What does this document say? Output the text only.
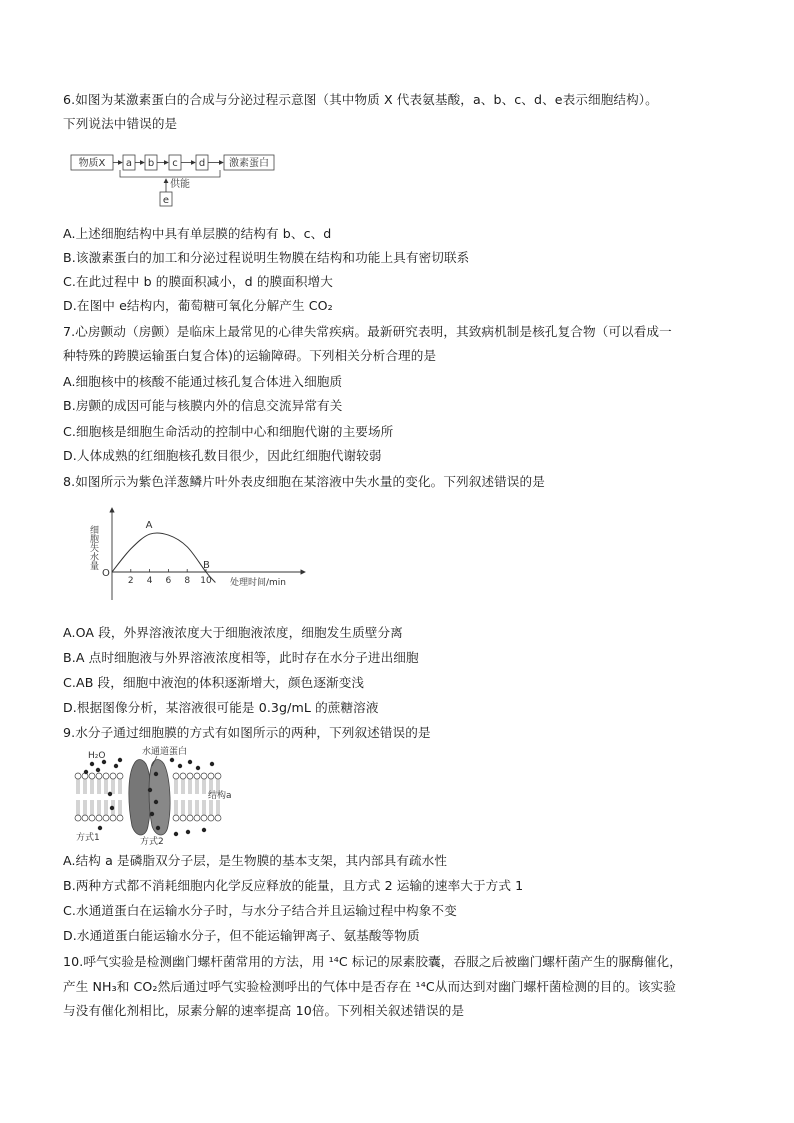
6.如图为某激素蛋白的合成与分泌过程示意图（其中物质 X 代表氨基酸，a、b、c、d、e表示细胞结构）。
下列说法中错误的是
物质X a b c d 激素蛋白
供能
e
A.上述细胞结构中具有单层膜的结构有 b、c、d
B.该激素蛋白的加工和分泌过程说明生物膜在结构和功能上具有密切联系
C.在此过程中 b 的膜面积减小，d 的膜面积增大
D.在图中 e结构内，葡萄糖可氧化分解产生 CO₂
7.心房颤动（房颤）是临床上最常见的心律失常疾病。最新研究表明，其致病机制是核孔复合物（可以看成一
种特殊的跨膜运输蛋白复合体)的运输障碍。下列相关分析合理的是
A.细胞核中的核酸不能通过核孔复合体进入细胞质
B.房颤的成因可能与核膜内外的信息交流异常有关
C.细胞核是细胞生命活动的控制中心和细胞代谢的主要场所
D.人体成熟的红细胞核孔数目很少，因此红细胞代谢较弱
8.如图所示为紫色洋葱鳞片叶外表皮细胞在某溶液中失水量的变化。下列叙述错误的是
细胞失水量
O
处理时间/min
2 4 6 8 10
A
B
A.OA 段，外界溶液浓度大于细胞液浓度，细胞发生质壁分离
B.A 点时细胞液与外界溶液浓度相等，此时存在水分子进出细胞
C.AB 段，细胞中液泡的体积逐渐增大，颜色逐渐变浅
D.根据图像分析，某溶液很可能是 0.3g/mL 的蔗糖溶液
9.水分子通过细胞膜的方式有如图所示的两种，下列叙述错误的是
H₂O	水通道蛋白
结构a
方式1	方式2
A.结构 a 是磷脂双分子层，是生物膜的基本支架，其内部具有疏水性
B.两种方式都不消耗细胞内化学反应释放的能量，且方式 2 运输的速率大于方式 1
C.水通道蛋白在运输水分子时，与水分子结合并且运输过程中构象不变
D.水通道蛋白能运输水分子，但不能运输钾离子、氨基酸等物质
10.呼气实验是检测幽门螺杆菌常用的方法，用 ¹⁴C 标记的尿素胶囊，吞服之后被幽门螺杆菌产生的脲酶催化，
产生 NH₃和 CO₂然后通过呼气实验检测呼出的气体中是否存在 ¹⁴C从而达到对幽门螺杆菌检测的目的。该实验
与没有催化剂相比，尿素分解的速率提高 10倍。下列相关叙述错误的是
